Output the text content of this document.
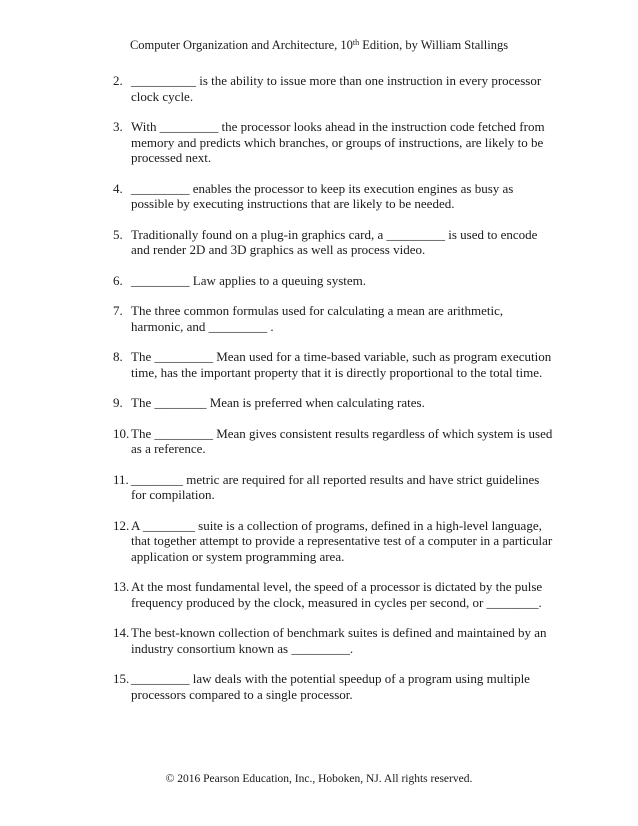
Computer Organization and Architecture, 10th Edition, by William Stallings
2. __________ is the ability to issue more than one instruction in every processor clock cycle.
3. With _________ the processor looks ahead in the instruction code fetched from memory and predicts which branches, or groups of instructions, are likely to be processed next.
4. _________ enables the processor to keep its execution engines as busy as possible by executing instructions that are likely to be needed.
5. Traditionally found on a plug-in graphics card, a _________ is used to encode and render 2D and 3D graphics as well as process video.
6. _________ Law applies to a queuing system.
7. The three common formulas used for calculating a mean are arithmetic, harmonic, and _________ .
8. The _________ Mean used for a time-based variable, such as program execution time, has the important property that it is directly proportional to the total time.
9. The ________ Mean is preferred when calculating rates.
10. The _________ Mean gives consistent results regardless of which system is used as a reference.
11. ________ metric are required for all reported results and have strict guidelines for compilation.
12. A ________ suite is a collection of programs, defined in a high-level language, that together attempt to provide a representative test of a computer in a particular application or system programming area.
13. At the most fundamental level, the speed of a processor is dictated by the pulse frequency produced by the clock, measured in cycles per second, or ________.
14. The best-known collection of benchmark suites is defined and maintained by an industry consortium known as _________.
15. _________ law deals with the potential speedup of a program using multiple processors compared to a single processor.
© 2016 Pearson Education, Inc., Hoboken, NJ. All rights reserved.
